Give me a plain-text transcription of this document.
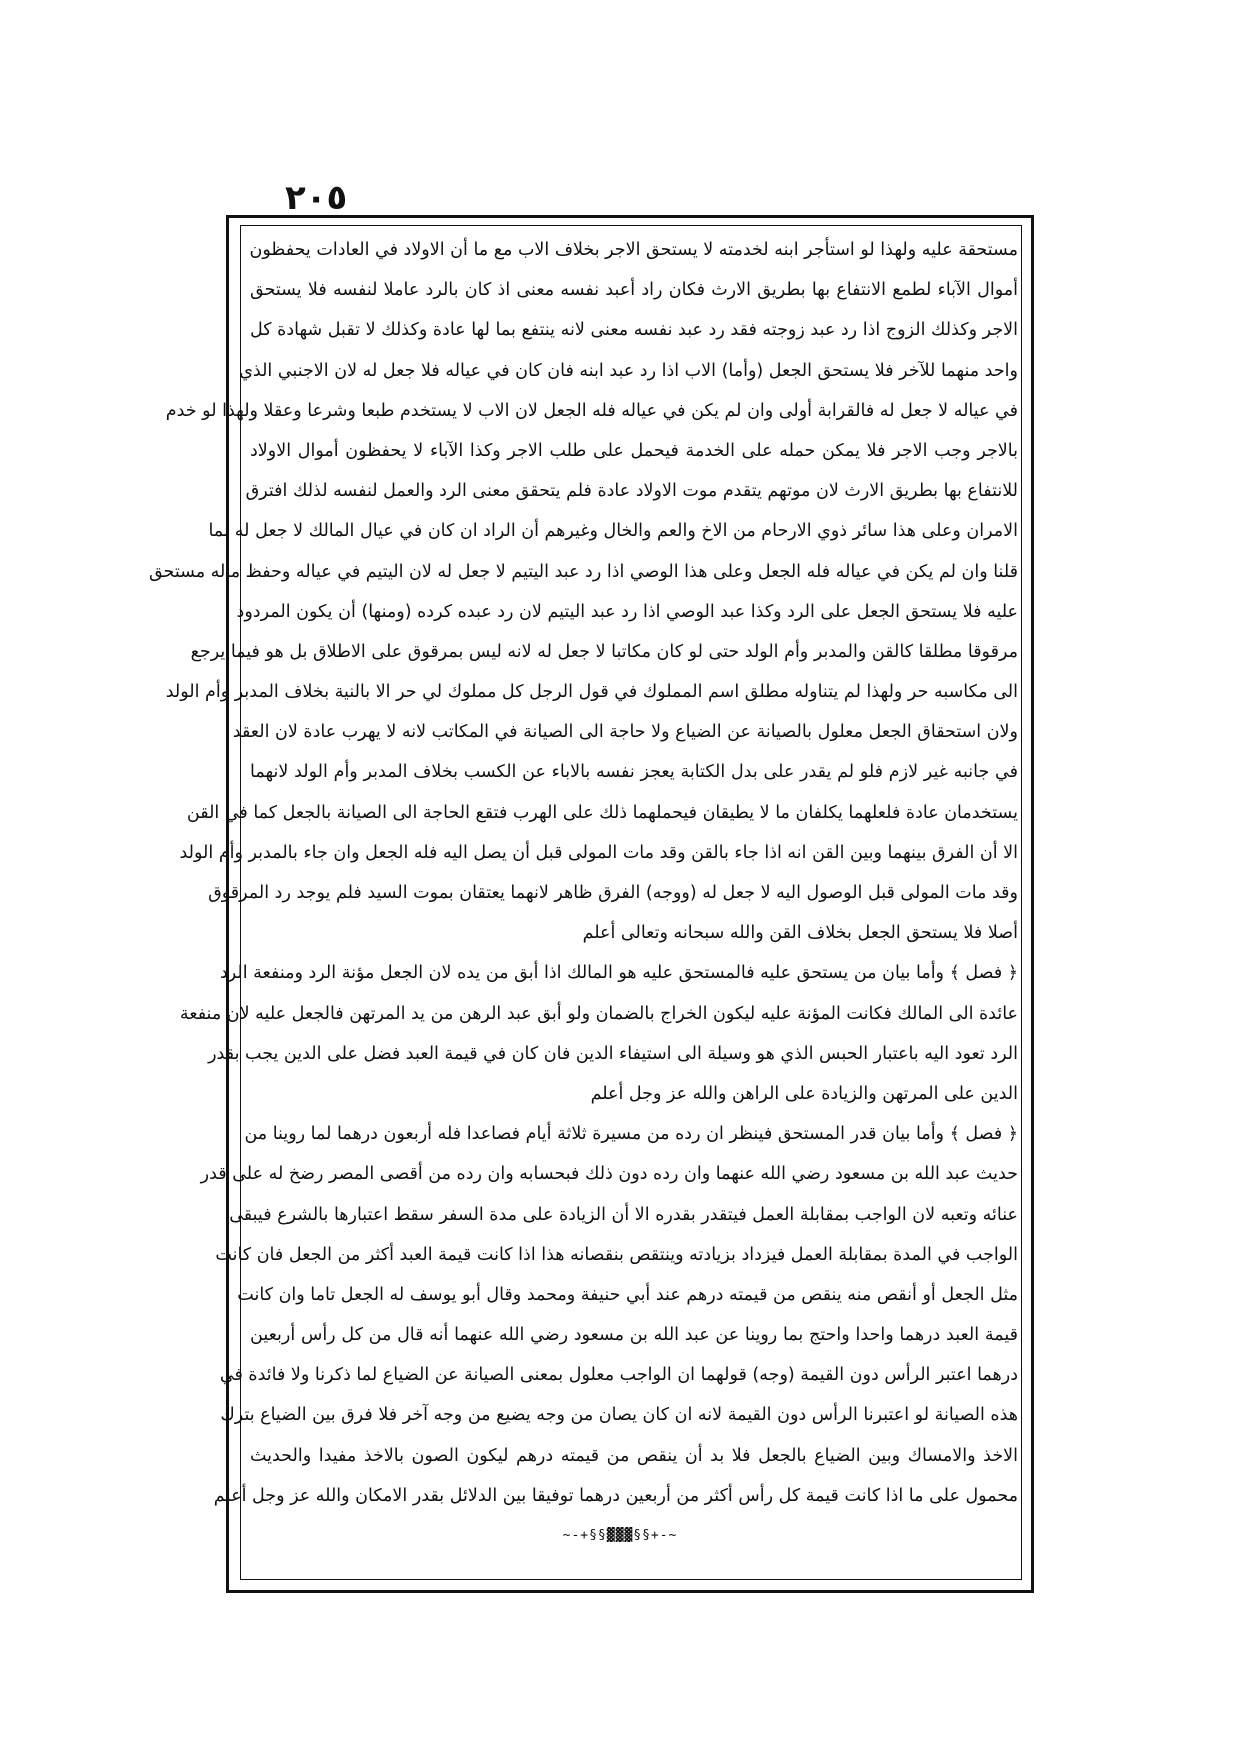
٢٠٥
مستحقة عليه ولهذا لو استأجر ابنه لخدمته لا يستحق الاجر بخلاف الاب مع ما أن الاولاد في العادات يحفظون
أموال الآباء لطمع الانتفاع بها بطريق الارث فكان راد أعبد نفسه معنى اذ كان بالرد عاملا لنفسه فلا يستحق
الاجر وكذلك الزوج اذا رد عبد زوجته فقد رد عبد نفسه معنى لانه ينتفع بما لها عادة وكذلك لا تقبل شهادة كل
واحد منهما للآخر فلا يستحق الجعل (وأما) الاب اذا رد عبد ابنه فان كان في عياله فلا جعل له لان الاجنبي الذي
في عياله لا جعل له فالقرابة أولى وان لم يكن في عياله فله الجعل لان الاب لا يستخدم طبعا وشرعا وعقلا ولهذا لو خدم
بالاجر وجب الاجر فلا يمكن حمله على الخدمة فيحمل على طلب الاجر وكذا الآباء لا يحفظون أموال الاولاد
للانتفاع بها بطريق الارث لان موتهم يتقدم موت الاولاد عادة فلم يتحقق معنى الرد والعمل لنفسه لذلك افترق
الامران وعلى هذا سائر ذوي الارحام من الاخ والعم والخال وغيرهم أن الراد ان كان في عيال المالك لا جعل له لما
قلنا وان لم يكن في عياله فله الجعل وعلى هذا الوصي اذا رد عبد اليتيم لا جعل له لان اليتيم في عياله وحفظ ماله مستحق
عليه فلا يستحق الجعل على الرد وكذا عبد الوصي اذا رد عبد اليتيم لان رد عبده كرده (ومنها) أن يكون المردود
مرقوقا مطلقا كالقن والمدبر وأم الولد حتى لو كان مكاتبا لا جعل له لانه ليس بمرقوق على الاطلاق بل هو فيما يرجع
الى مكاسبه حر ولهذا لم يتناوله مطلق اسم المملوك في قول الرجل كل مملوك لي حر الا بالنية بخلاف المدبر وأم الولد
ولان استحقاق الجعل معلول بالصيانة عن الضياع ولا حاجة الى الصيانة في المكاتب لانه لا يهرب عادة لان العقد
في جانبه غير لازم فلو لم يقدر على بدل الكتابة يعجز نفسه بالاباء عن الكسب بخلاف المدبر وأم الولد لانهما
يستخدمان عادة فلعلهما يكلفان ما لا يطيقان فيحملهما ذلك على الهرب فتقع الحاجة الى الصيانة بالجعل كما في القن
الا أن الفرق بينهما وبين القن انه اذا جاء بالقن وقد مات المولى قبل أن يصل اليه فله الجعل وان جاء بالمدبر وأم الولد
وقد مات المولى قبل الوصول اليه لا جعل له (ووجه) الفرق ظاهر لانهما يعتقان بموت السيد فلم يوجد رد المرقوق
أصلا فلا يستحق الجعل بخلاف القن والله سبحانه وتعالى أعلم
﴿ فصل ﴾ وأما بيان من يستحق عليه فالمستحق عليه هو المالك اذا أبق من يده لان الجعل مؤنة الرد ومنفعة الرد
عائدة الى المالك فكانت المؤنة عليه ليكون الخراج بالضمان ولو أبق عبد الرهن من يد المرتهن فالجعل عليه لان منفعة
الرد تعود اليه باعتبار الحبس الذي هو وسيلة الى استيفاء الدين فان كان في قيمة العبد فضل على الدين يجب بقدر
الدين على المرتهن والزيادة على الراهن والله عز وجل أعلم
﴿ فصل ﴾ وأما بيان قدر المستحق فينظر ان رده من مسيرة ثلاثة أيام فصاعدا فله أربعون درهما لما روينا من
حديث عبد الله بن مسعود رضي الله عنهما وان رده دون ذلك فبحسابه وان رده من أقصى المصر رضخ له على قدر
عنائه وتعبه لان الواجب بمقابلة العمل فيتقدر بقدره الا أن الزيادة على مدة السفر سقط اعتبارها بالشرع فيبقى
الواجب في المدة بمقابلة العمل فيزداد بزيادته وينتقص بنقصانه هذا اذا كانت قيمة العبد أكثر من الجعل فان كانت
مثل الجعل أو أنقص منه ينقص من قيمته درهم عند أبي حنيفة ومحمد وقال أبو يوسف له الجعل تاما وان كانت
قيمة العبد درهما واحدا واحتج بما روينا عن عبد الله بن مسعود رضي الله عنهما أنه قال من كل رأس أربعين
درهما اعتبر الرأس دون القيمة (وجه) قولهما ان الواجب معلول بمعنى الصيانة عن الضياع لما ذكرنا ولا فائدة في
هذه الصيانة لو اعتبرنا الرأس دون القيمة لانه ان كان يصان من وجه يضيع من وجه آخر فلا فرق بين الضياع بترك
الاخذ والامساك وبين الضياع بالجعل فلا بد أن ينقص من قيمته درهم ليكون الصون بالاخذ مفيدا والحديث
محمول على ما اذا كانت قيمة كل رأس أكثر من أربعين درهما توفيقا بين الدلائل بقدر الامكان والله عز وجل أعلم
~-+§§▓▓▓§§+-~
